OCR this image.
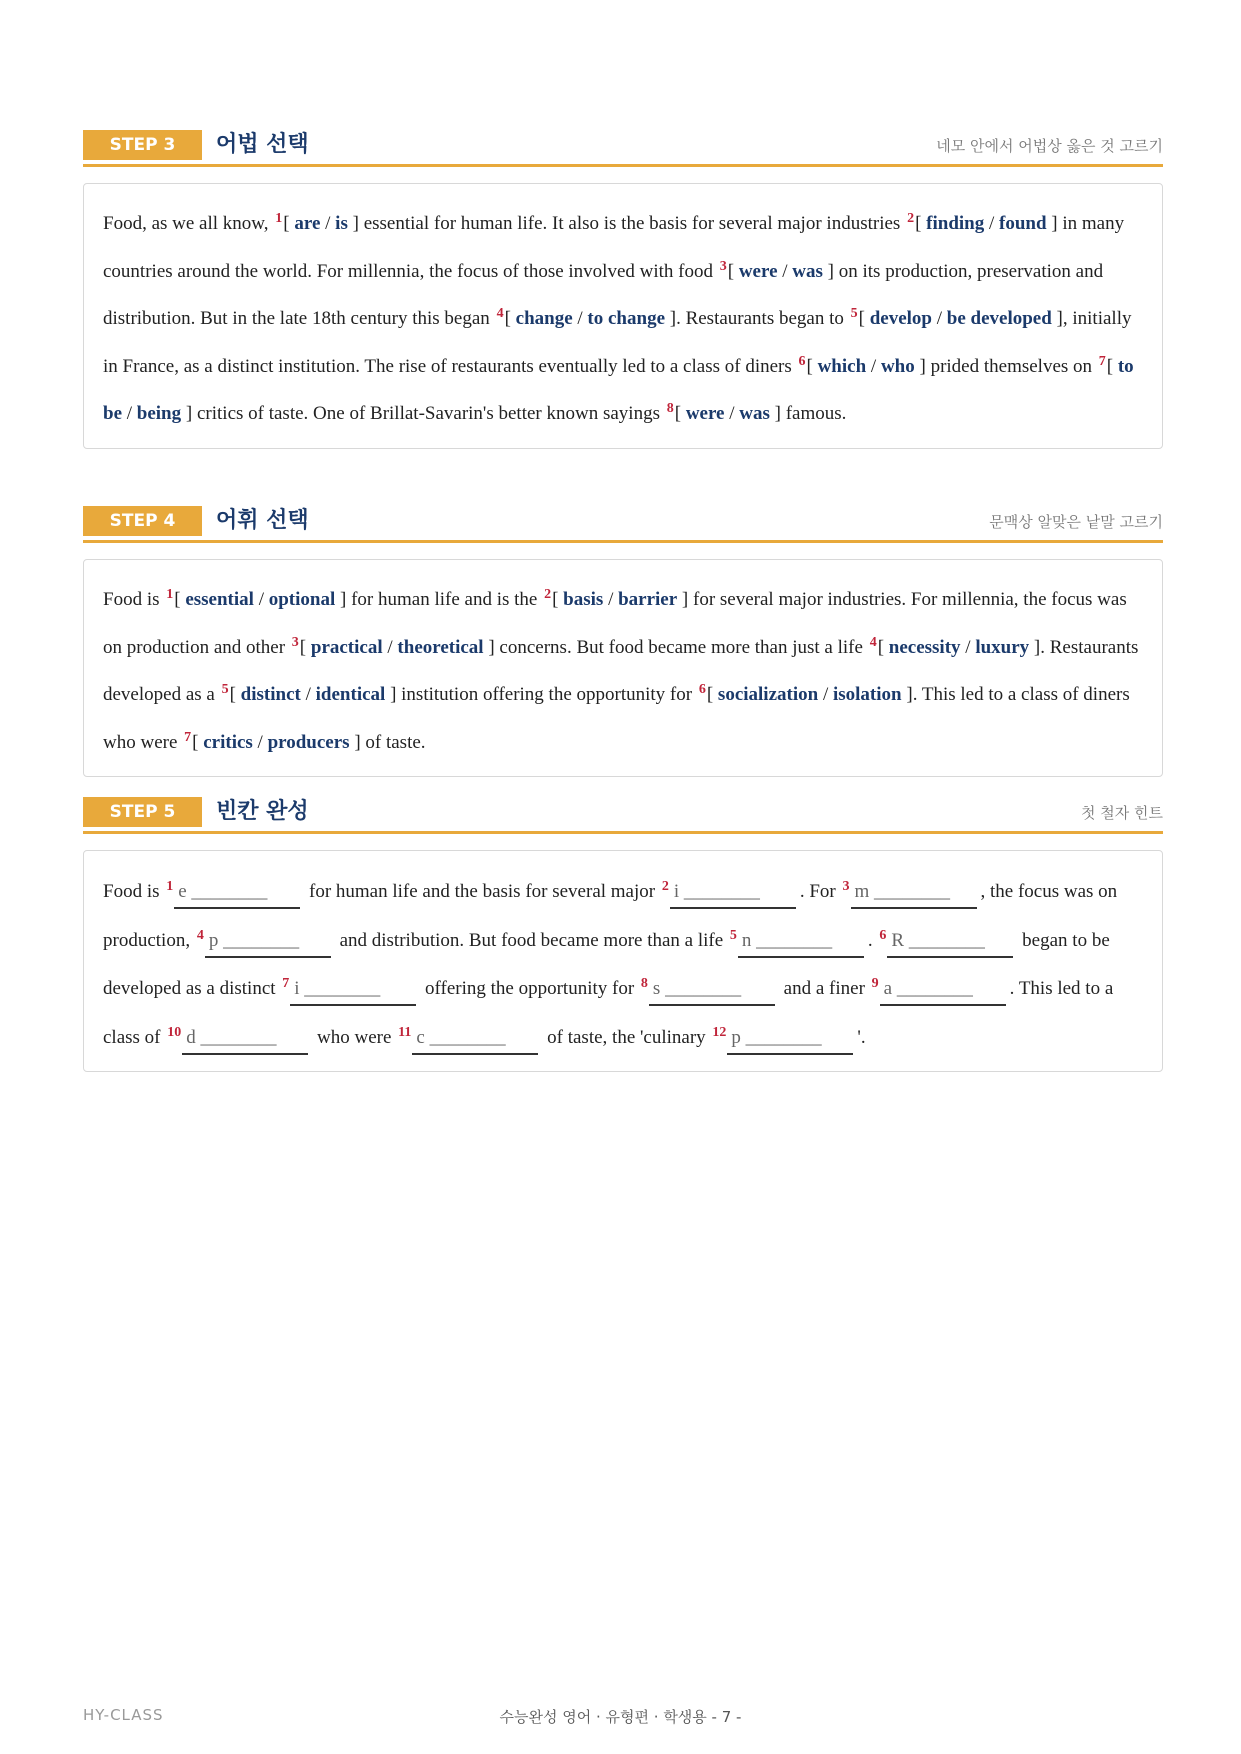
STEP 3	어법 선택	네모 안에서 어법상 옳은 것 고르기

Food, as we all know, $^1$[ are / is ] essential for human life. It also is the basis for several major industries $^2$[ finding / found ] in many countries around the world. For millennia, the focus of those involved with food $^3$[ were / was ] on its production, preservation and distribution. But in the late 18th century this began $^4$[ change / to change ]. Restaurants began to $^5$[ develop / be developed ], initially in France, as a distinct institution. The rise of restaurants eventually led to a class of diners $^6$[ which / who ] prided themselves on $^7$[ to be / being ] critics of taste. One of Brillat-Savarin's better known sayings $^8$[ were / was ] famous.

STEP 4	어휘 선택	문맥상 알맞은 낱말 고르기

Food is $^1$[ essential / optional ] for human life and is the $^2$[ basis / barrier ] for several major industries. For millennia, the focus was on production and other $^3$[ practical / theoretical ] concerns. But food became more than just a life $^4$[ necessity / luxury ]. Restaurants developed as a $^5$[ distinct / identical ] institution offering the opportunity for $^6$[ socialization / isolation ]. This led to a class of diners who were $^7$[ critics / producers ] of taste.

STEP 5	빈칸 완성	첫 철자 힌트

Food is $^1$ e ________ for human life and the basis for several major $^2$ i ________ . For $^3$ m ________ , the focus was on production, $^4$ p ________ and distribution. But food became more than a life $^5$ n ________ . $^6$ R ________ began to be developed as a distinct $^7$ i ________ offering the opportunity for $^8$ s ________ and a finer $^9$ a ________ . This led to a class of $^{10}$ d ________ who were $^{11}$ c ________ of taste, the 'culinary $^{12}$ p ________ '.

HY-CLASS	수능완성 영어 · 유형편 · 학생용 - 7 -
